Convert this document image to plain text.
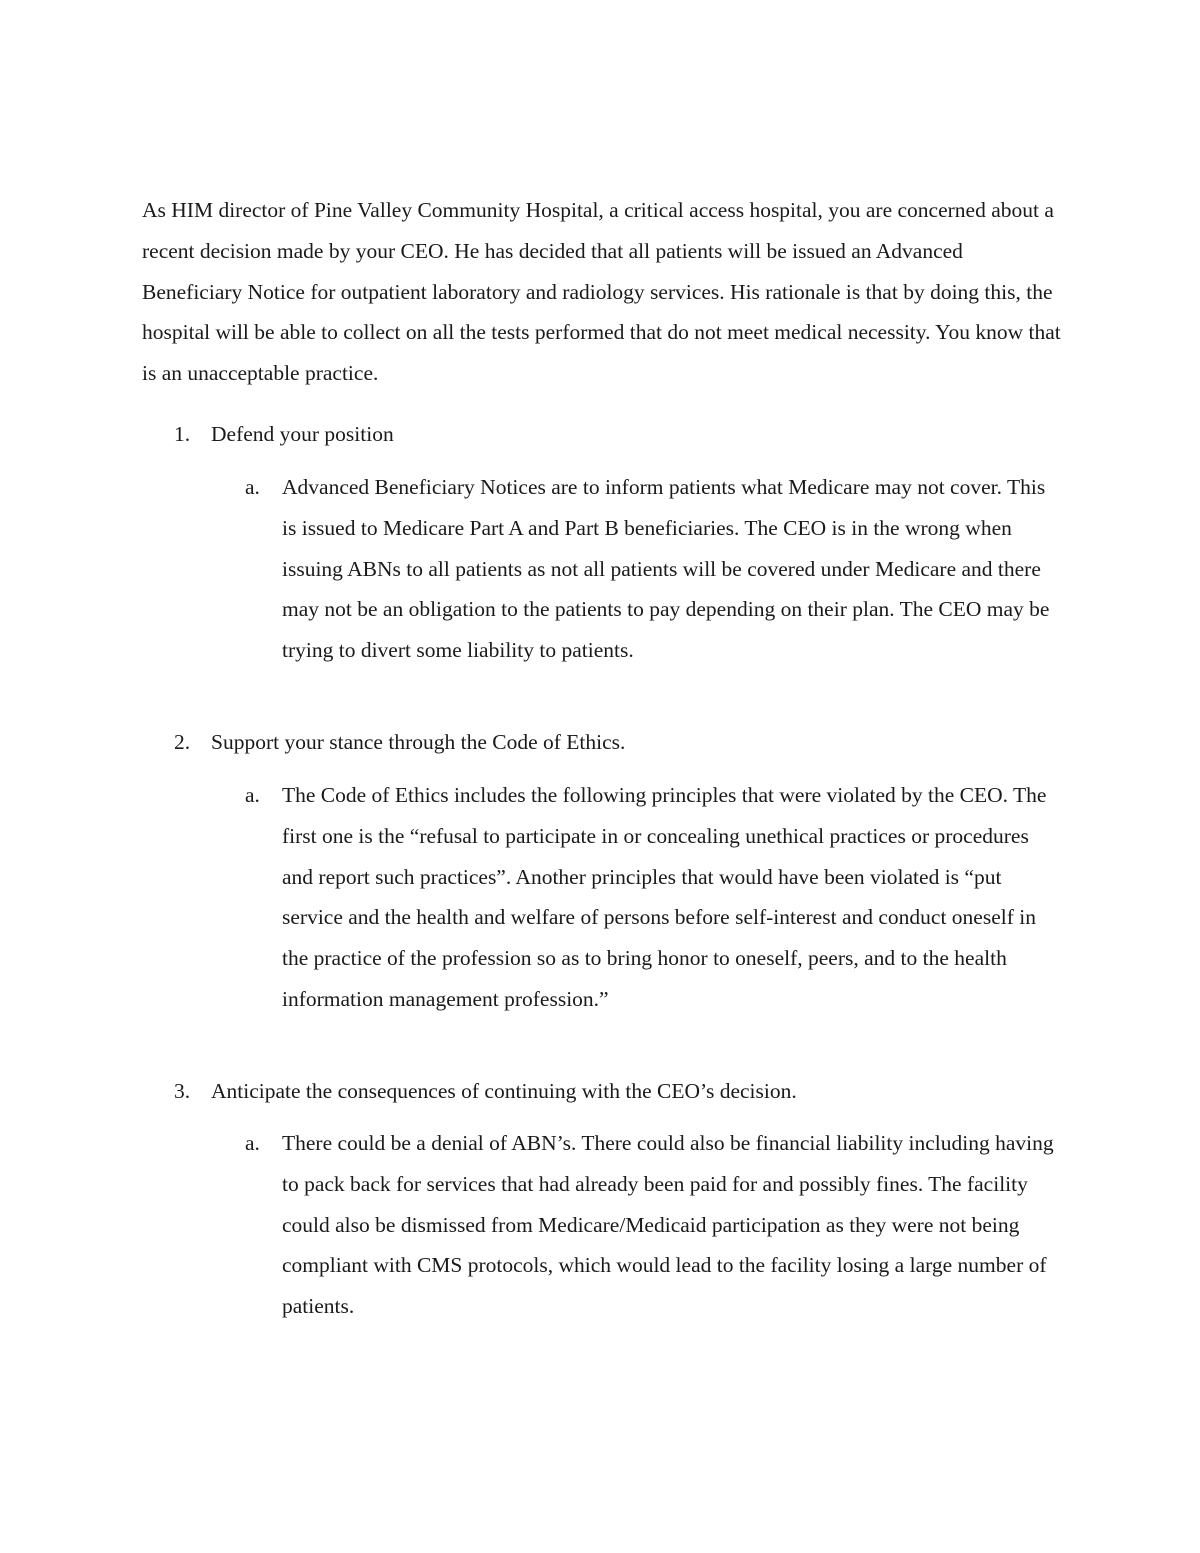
As HIM director of Pine Valley Community Hospital, a critical access hospital, you are concerned about a recent decision made by your CEO. He has decided that all patients will be issued an Advanced Beneficiary Notice for outpatient laboratory and radiology services. His rationale is that by doing this, the hospital will be able to collect on all the tests performed that do not meet medical necessity. You know that is an unacceptable practice.

1. Defend your position
a.	Advanced Beneficiary Notices are to inform patients what Medicare may not cover. This is issued to Medicare Part A and Part B beneficiaries. The CEO is in the wrong when issuing ABNs to all patients as not all patients will be covered under Medicare and there may not be an obligation to the patients to pay depending on their plan. The CEO may be trying to divert some liability to patients.

2. Support your stance through the Code of Ethics.
a.	The Code of Ethics includes the following principles that were violated by the CEO. The first one is the “refusal to participate in or concealing unethical practices or procedures and report such practices”. Another principles that would have been violated is “put service and the health and welfare of persons before self-interest and conduct oneself in the practice of the profession so as to bring honor to oneself, peers, and to the health information management profession.”

3. Anticipate the consequences of continuing with the CEO’s decision.
a.	There could be a denial of ABN’s. There could also be financial liability including having to pack back for services that had already been paid for and possibly fines. The facility could also be dismissed from Medicare/Medicaid participation as they were not being compliant with CMS protocols, which would lead to the facility losing a large number of patients.
